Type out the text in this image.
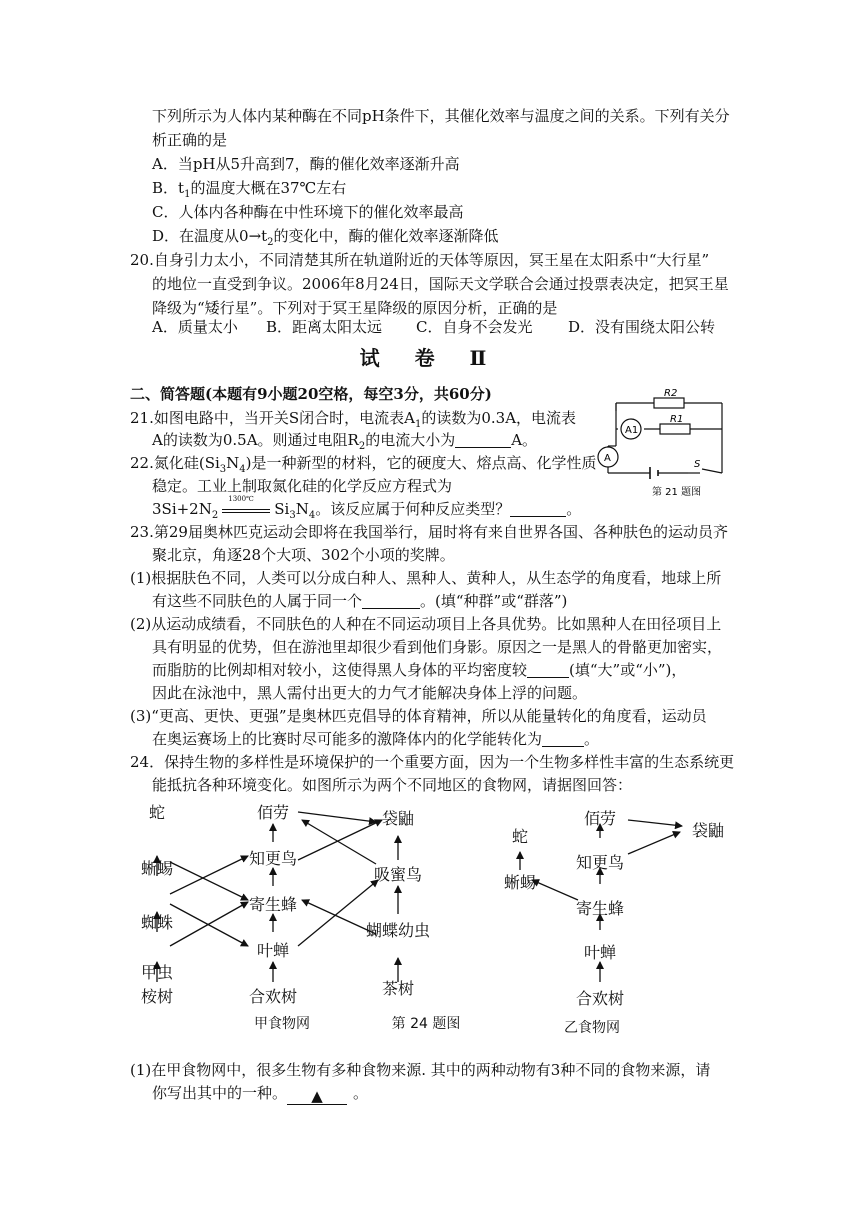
下列所示为人体内某种酶在不同pH条件下，其催化效率与温度之间的关系。下列有关分
析正确的是
A．当pH从5升高到7，酶的催化效率逐渐升高
B．$t_1$的温度大概在37℃左右
C．人体内各种酶在中性环境下的催化效率最高
D．在温度从$0\to t_2$的变化中，酶的催化效率逐渐降低
20.自身引力太小，不同清楚其所在轨道附近的天体等原因，冥王星在太阳系中“大行星”
的地位一直受到争议。2006年8月24日，国际天文学联合会通过投票表决定，把冥王星
降级为“矮行星”。下列对于冥王星降级的原因分析，正确的是
A．质量太小 B．距离太阳太远 C．自身不会发光 D．没有围绕太阳公转
试 卷 Ⅱ
二、简答题(本题有9小题20空格，每空3分，共60分)
21.如图电路中，当开关S闭合时，电流表$A_1$的读数为0.3A，电流表
A的读数为0.5A。则通过电阻$R_2$的电流大小为	A。
R2
R1
A1
A
S
第 21 题图
22.氮化硅$(Si_3N_4)$是一种新型的材料，它的硬度大、熔点高、化学性质
稳定。工业上制取氮化硅的化学反应方程式为
$3Si+2N_2$
1300℃
$Si_3N_4$。该反应属于何种反应类型？	。
23.第29届奥林匹克运动会即将在我国举行，届时将有来自世界各国、各种肤色的运动员齐
聚北京，角逐28个大项、302个小项的奖牌。
(1)根据肤色不同，人类可以分成白种人、黑种人、黄种人，从生态学的角度看，地球上所
有这些不同肤色的人属于同一个	。(填“种群”或“群落”)
(2)从运动成绩看，不同肤色的人种在不同运动项目上各具优势。比如黑种人在田径项目上
具有明显的优势，但在游池里却很少看到他们身影。原因之一是黑人的骨骼更加密实，
而脂肪的比例却相对较小，这使得黑人身体的平均密度较	(填“大”或“小”)，
因此在泳池中，黑人需付出更大的力气才能解决身体上浮的问题。
(3)“更高、更快、更强”是奥林匹克倡导的体育精神，所以从能量转化的角度看，运动员
在奥运赛场上的比赛时尽可能多的激降体内的化学能转化为	。
24．保持生物的多样性是环境保护的一个重要方面，因为一个生物多样性丰富的生态系统更
能抵抗各种环境变化。如图所示为两个不同地区的食物网，请据图回答：
蛇
蜥蜴
蜘蛛
甲虫
桉树
佰劳
知更鸟
寄生蜂
叶蝉
合欢树
袋鼬
吸蜜鸟
蝴蝶幼虫
茶树
蛇
蜥蜴
佰劳
袋鼬
知更鸟
寄生蜂
叶蝉
合欢树
甲食物网	第 24 题图	乙食物网
(1)在甲食物网中，很多生物有多种食物来源. 其中的两种动物有3种不同的食物来源，请
你写出其中的一种。 ▲ 。
